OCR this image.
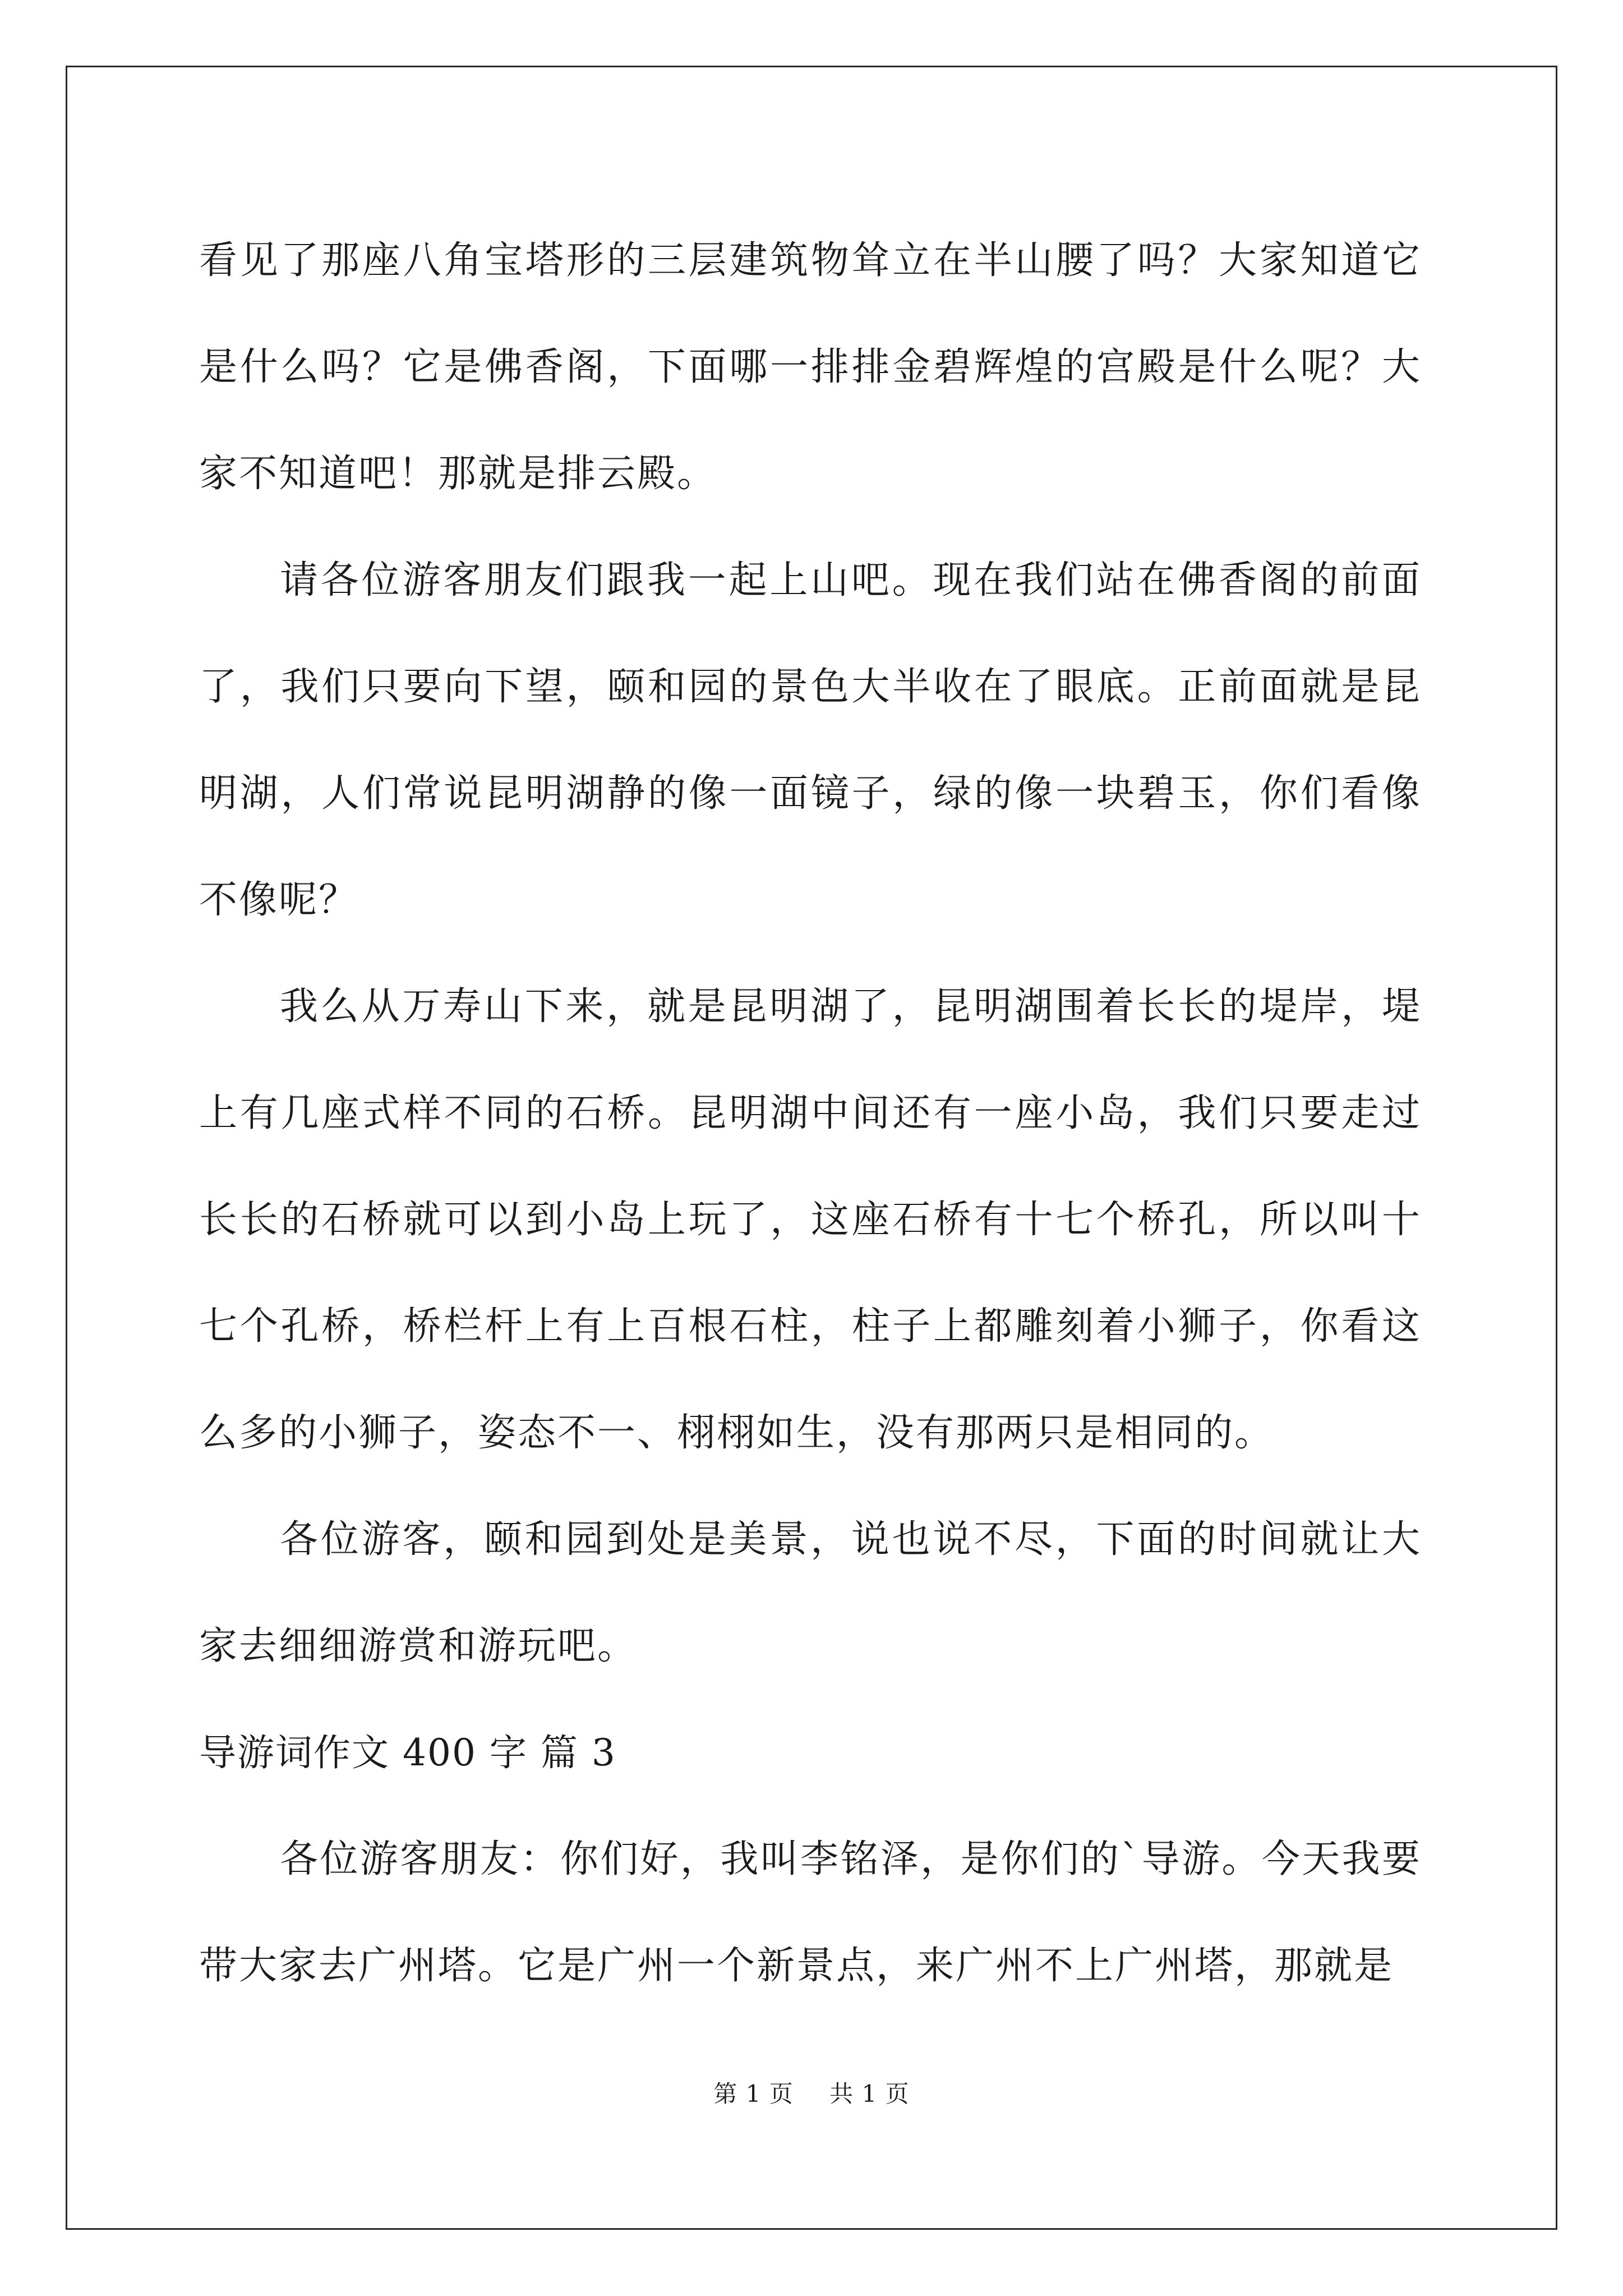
看见了那座八角宝塔形的三层建筑物耸立在半山腰了吗？大家知道它是什么吗？它是佛香阁，下面哪一排排金碧辉煌的宫殿是什么呢？大家不知道吧！那就是排云殿。

请各位游客朋友们跟我一起上山吧。现在我们站在佛香阁的前面了，我们只要向下望，颐和园的景色大半收在了眼底。正前面就是昆明湖，人们常说昆明湖静的像一面镜子，绿的像一块碧玉，你们看像不像呢？

我么从万寿山下来，就是昆明湖了，昆明湖围着长长的堤岸，堤上有几座式样不同的石桥。昆明湖中间还有一座小岛，我们只要走过长长的石桥就可以到小岛上玩了，这座石桥有十七个桥孔，所以叫十七个孔桥，桥栏杆上有上百根石柱，柱子上都雕刻着小狮子，你看这么多的小狮子，姿态不一、栩栩如生，没有那两只是相同的。

各位游客，颐和园到处是美景，说也说不尽，下面的时间就让大家去细细游赏和游玩吧。

导游词作文 400 字 篇 3

各位游客朋友：你们好，我叫李铭泽，是你们的`导游。今天我要带大家去广州塔。它是广州一个新景点，来广州不上广州塔，那就是

第 1 页 共 1 页
